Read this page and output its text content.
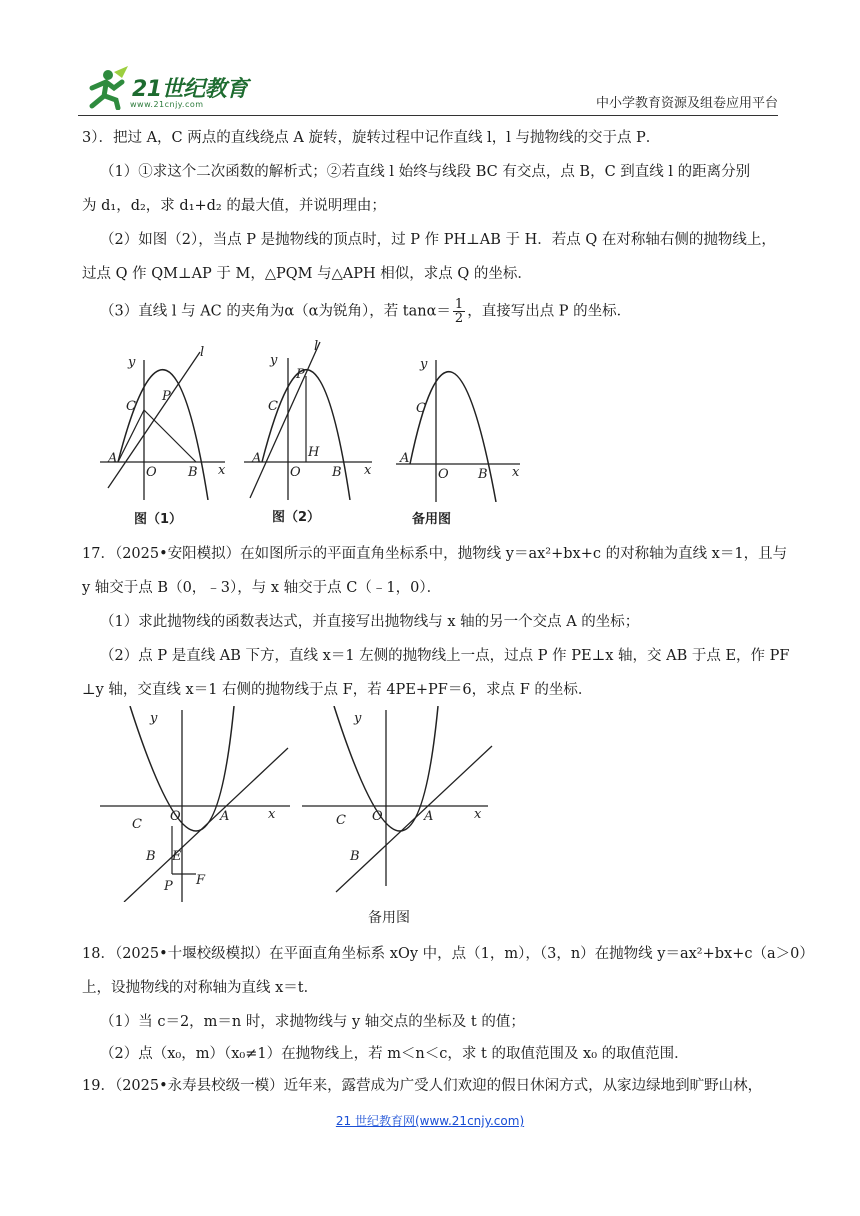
21世纪教育
www.21cnjy.com	中小学教育资源及组卷应用平台
3）．把过 A，C 两点的直线绕点 A 旋转，旋转过程中记作直线 l，l 与抛物线的交于点 P．
（1）①求这个二次函数的解析式；②若直线 l 始终与线段 BC 有交点，点 B，C 到直线 l 的距离分别
为 d₁，d₂，求 d₁+d₂ 的最大值，并说明理由；
（2）如图（2），当点 P 是抛物线的顶点时，过 P 作 PH⊥AB 于 H．若点 Q 在对称轴右侧的抛物线上，
过点 Q 作 QM⊥AP 于 M，△PQM 与△APH 相似，求点 Q 的坐标．
（3）直线 l 与 AC 的夹角为α（α为锐角），若 $\tan\alpha= \frac{1}{2}$ ，直接写出点 P 的坐标．
y
l
C
P
A
O B x
图（1）
y
l
P
C
H
A
O B x
图（2）
y
C
A
O B x
备用图
17．（2025•安阳模拟）在如图所示的平面直角坐标系中，抛物线 y＝ax²+bx+c 的对称轴为直线 x＝1，且与
y 轴交于点 B（0，﹣3），与 x 轴交于点 C（﹣1，0）．
（1）求此抛物线的函数表达式，并直接写出抛物线与 x 轴的另一个交点 A 的坐标；
（2）点 P 是直线 AB 下方，直线 x＝1 左侧的抛物线上一点，过点 P 作 PE⊥x 轴，交 AB 于点 E，作 PF
⊥y 轴，交直线 x＝1 右侧的抛物线于点 F，若 4PE+PF＝6，求点 F 的坐标．
y
C
O	A	x
B E
P F
y
C O	A	x
B
备用图
18．（2025•十堰校级模拟）在平面直角坐标系 xOy 中，点（1，m），（3，n）在抛物线 y＝ax²+bx+c（a＞0）
上，设抛物线的对称轴为直线 x＝t．
（1）当 c＝2，m＝n 时，求抛物线与 y 轴交点的坐标及 t 的值；
（2）点（x₀，m）（x₀≠1）在抛物线上，若 m＜n＜c，求 t 的取值范围及 x₀ 的取值范围．
19．（2025•永寿县校级一模）近年来，露营成为广受人们欢迎的假日休闲方式，从家边绿地到旷野山林，
21 世纪教育网(www.21cnjy.com)
